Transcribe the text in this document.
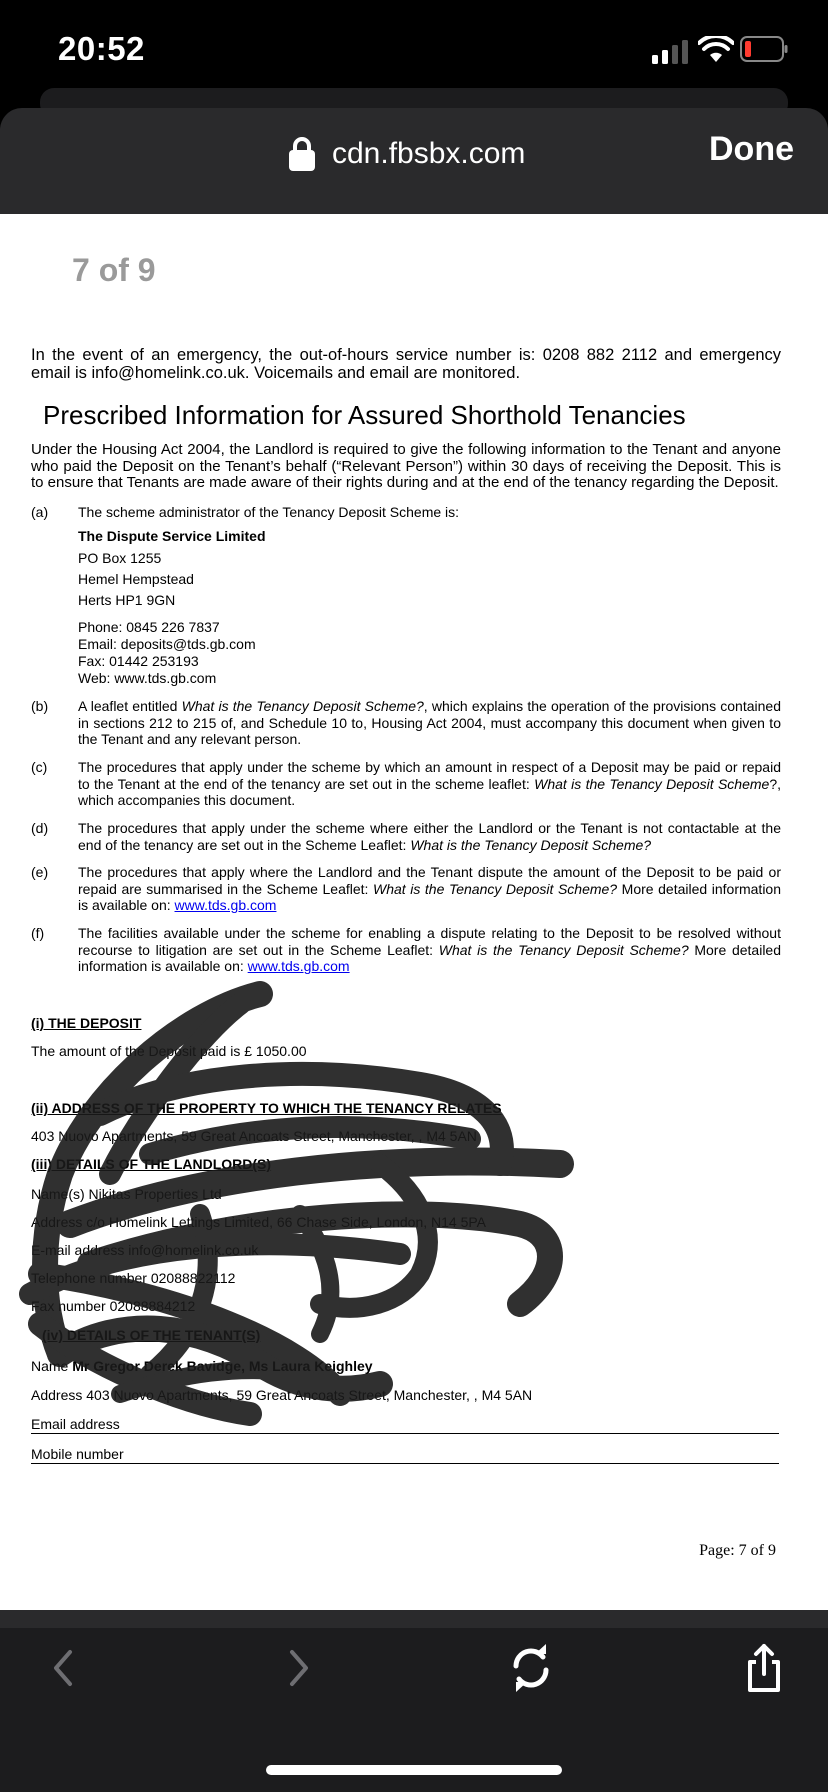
20:52
cdn.fbsbx.com	Done
7 of 9
In the event of an emergency, the out-of-hours service number is: 0208 882 2112 and emergency email is info@homelink.co.uk. Voicemails and email are monitored.
Prescribed Information for Assured Shorthold Tenancies
Under the Housing Act 2004, the Landlord is required to give the following information to the Tenant and anyone who paid the Deposit on the Tenant’s behalf (“Relevant Person”) within 30 days of receiving the Deposit. This is to ensure that Tenants are made aware of their rights during and at the end of the tenancy regarding the Deposit.
(a) The scheme administrator of the Tenancy Deposit Scheme is:
The Dispute Service Limited
PO Box 1255
Hemel Hempstead
Herts HP1 9GN
Phone: 0845 226 7837
Email: deposits@tds.gb.com
Fax: 01442 253193
Web: www.tds.gb.com
(b) A leaflet entitled What is the Tenancy Deposit Scheme?, which explains the operation of the provisions contained in sections 212 to 215 of, and Schedule 10 to, Housing Act 2004, must accompany this document when given to the Tenant and any relevant person.
(c) The procedures that apply under the scheme by which an amount in respect of a Deposit may be paid or repaid to the Tenant at the end of the tenancy are set out in the scheme leaflet: What is the Tenancy Deposit Scheme?, which accompanies this document.
(d) The procedures that apply under the scheme where either the Landlord or the Tenant is not contactable at the end of the tenancy are set out in the Scheme Leaflet: What is the Tenancy Deposit Scheme?
(e) The procedures that apply where the Landlord and the Tenant dispute the amount of the Deposit to be paid or repaid are summarised in the Scheme Leaflet: What is the Tenancy Deposit Scheme? More detailed information is available on: www.tds.gb.com
(f) The facilities available under the scheme for enabling a dispute relating to the Deposit to be resolved without recourse to litigation are set out in the Scheme Leaflet: What is the Tenancy Deposit Scheme? More detailed information is available on: www.tds.gb.com
(i) THE DEPOSIT
The amount of the Deposit paid is £ 1050.00
(ii) ADDRESS OF THE PROPERTY TO WHICH THE TENANCY RELATES
403 Nuovo Apartments, 59 Great Ancoats Street, Manchester, , M4 5AN
(iii) DETAILS OF THE LANDLORD(S)
Name(s) Nikitas Properties Ltd
Address c/o Homelink Lettings Limited, 66 Chase Side, London, N14 5PA
E-mail address info@homelink.co.uk
Telephone number 02088822112
Fax number 02088884212
(iv) DETAILS OF THE TENANT(S)
Name Mr Gregor Derek Bavidge, Ms Laura Keighley
Address 403 Nuovo Apartments, 59 Great Ancoats Street, Manchester, , M4 5AN
Email address
Mobile number
Page: 7 of 9
